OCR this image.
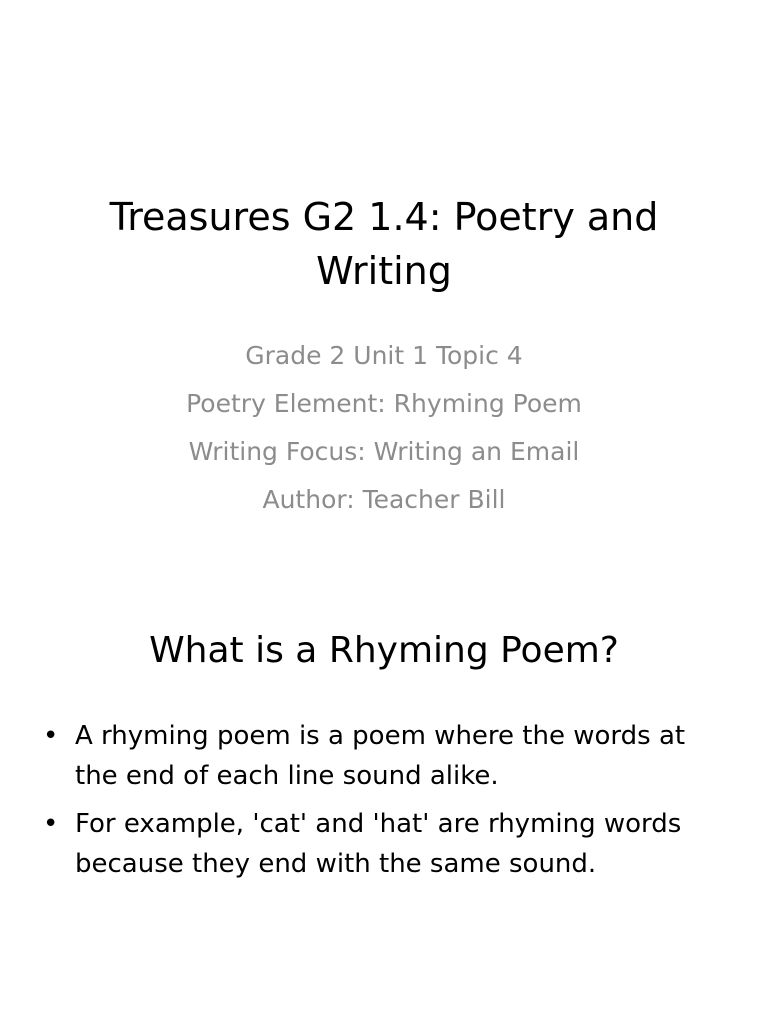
Treasures G2 1.4: Poetry and Writing
Grade 2 Unit 1 Topic 4
Poetry Element: Rhyming Poem
Writing Focus: Writing an Email
Author: Teacher Bill
What is a Rhyming Poem?
• A rhyming poem is a poem where the words at the end of each line sound alike.
• For example, 'cat' and 'hat' are rhyming words because they end with the same sound.
